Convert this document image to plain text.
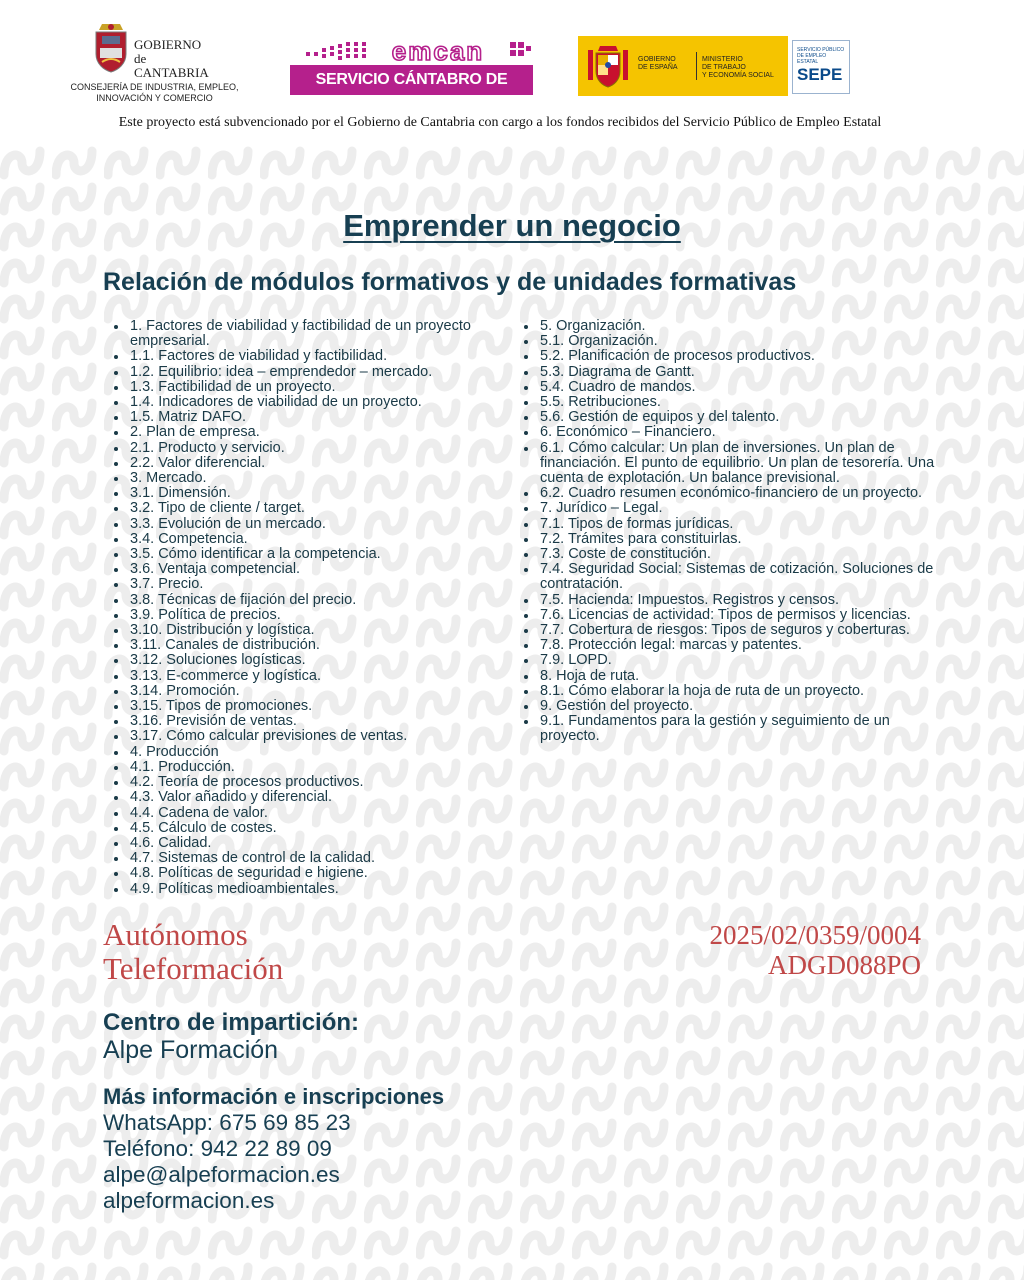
GOBIERNO
de
CANTABRIA
CONSEJERÍA DE INDUSTRIA, EMPLEO,
INNOVACIÓN Y COMERCIO
emcan
SERVICIO CÁNTABRO DE EMPLEO
GOBIERNO
DE ESPAÑA
MINISTERIO
DE TRABAJO
Y ECONOMÍA SOCIAL
SERVICIO PÚBLICO
DE EMPLEO ESTATAL
SEPE
Este proyecto está subvencionado por el Gobierno de Cantabria con cargo a los fondos recibidos del Servicio Público de Empleo Estatal
Emprender un negocio
Relación de módulos formativos y de unidades formativas
1. Factores de viabilidad y factibilidad de un proyecto empresarial.
1.1. Factores de viabilidad y factibilidad.
1.2. Equilibrio: idea – emprendedor – mercado.
1.3. Factibilidad de un proyecto.
1.4. Indicadores de viabilidad de un proyecto.
1.5. Matriz DAFO.
2. Plan de empresa.
2.1. Producto y servicio.
2.2. Valor diferencial.
3. Mercado.
3.1. Dimensión.
3.2. Tipo de cliente / target.
3.3. Evolución de un mercado.
3.4. Competencia.
3.5. Cómo identificar a la competencia.
3.6. Ventaja competencial.
3.7. Precio.
3.8. Técnicas de fijación del precio.
3.9. Política de precios.
3.10. Distribución y logística.
3.11. Canales de distribución.
3.12. Soluciones logísticas.
3.13. E-commerce y logística.
3.14. Promoción.
3.15. Tipos de promociones.
3.16. Previsión de ventas.
3.17. Cómo calcular previsiones de ventas.
4. Producción
4.1. Producción.
4.2. Teoría de procesos productivos.
4.3. Valor añadido y diferencial.
4.4. Cadena de valor.
4.5. Cálculo de costes.
4.6. Calidad.
4.7. Sistemas de control de la calidad.
4.8. Políticas de seguridad e higiene.
4.9. Políticas medioambientales.
5. Organización.
5.1. Organización.
5.2. Planificación de procesos productivos.
5.3. Diagrama de Gantt.
5.4. Cuadro de mandos.
5.5. Retribuciones.
5.6. Gestión de equipos y del talento.
6. Económico – Financiero.
6.1. Cómo calcular: Un plan de inversiones. Un plan de financiación. El punto de equilibrio. Un plan de tesorería. Una cuenta de explotación. Un balance previsional.
6.2. Cuadro resumen económico-financiero de un proyecto.
7. Jurídico – Legal.
7.1. Tipos de formas jurídicas.
7.2. Trámites para constituirlas.
7.3. Coste de constitución.
7.4. Seguridad Social: Sistemas de cotización. Soluciones de contratación.
7.5. Hacienda: Impuestos. Registros y censos.
7.6. Licencias de actividad: Tipos de permisos y licencias.
7.7. Cobertura de riesgos: Tipos de seguros y coberturas.
7.8. Protección legal: marcas y patentes.
7.9. LOPD.
8. Hoja de ruta.
8.1. Cómo elaborar la hoja de ruta de un proyecto.
9. Gestión del proyecto.
9.1. Fundamentos para la gestión y seguimiento de un proyecto.
Autónomos
Teleformación
2025/02/0359/0004
ADGD088PO
Centro de impartición:
Alpe Formación
Más información e inscripciones
WhatsApp: 675 69 85 23
Teléfono: 942 22 89 09
alpe@alpeformacion.es
alpeformacion.es
